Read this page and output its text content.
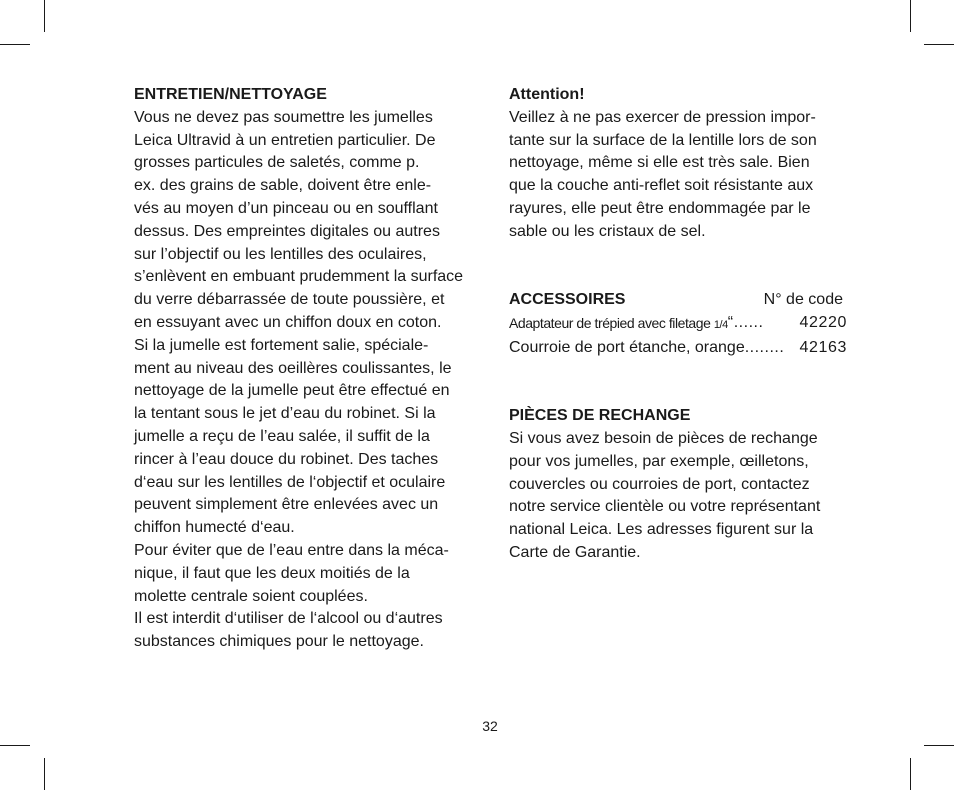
ENTRETIEN/NETTOYAGE
Vous ne devez pas soumettre les jumelles
Leica Ultravid à un entretien particulier. De
grosses particules de saletés, comme p.
ex. des grains de sable, doivent être enle-
vés au moyen d’un pinceau ou en soufflant
dessus. Des empreintes digitales ou autres
sur l’objectif ou les lentilles des oculaires,
s’enlèvent en embuant prudemment la surface
du verre débarrassée de toute poussière, et
en essuyant avec un chiffon doux en coton.
Si la jumelle est fortement salie, spéciale-
ment au niveau des oeillères coulissantes, le
nettoyage de la jumelle peut être effectué en
la tentant sous le jet d’eau du robinet. Si la
jumelle a reçu de l’eau salée, il suffit de la
rincer à l’eau douce du robinet. Des taches
d‘eau sur les lentilles de l‘objectif et oculaire
peuvent simplement être enlevées avec un
chiffon humecté d‘eau.
Pour éviter que de l’eau entre dans la méca-
nique, il faut que les deux moitiés de la
molette centrale soient couplées.
Il est interdit d‘utiliser de l‘alcool ou d‘autres
substances chimiques pour le nettoyage.
Attention!
Veillez à ne pas exercer de pression impor-
tante sur la surface de la lentille lors de son
nettoyage, même si elle est très sale. Bien
que la couche anti-reflet soit résistante aux
rayures, elle peut être endommagée par le
sable ou les cristaux de sel.
ACCESSOIRES	N° de code
Adaptateur de trépied avec filetage 1/4 “ ......	42220
Courroie de port étanche, orange ........ 42163
PIÈCES DE RECHANGE
Si vous avez besoin de pièces de rechange
pour vos jumelles, par exemple, œilletons,
couvercles ou courroies de port, contactez
notre service clientèle ou votre représentant
national Leica. Les adresses figurent sur la
Carte de Garantie.
32
